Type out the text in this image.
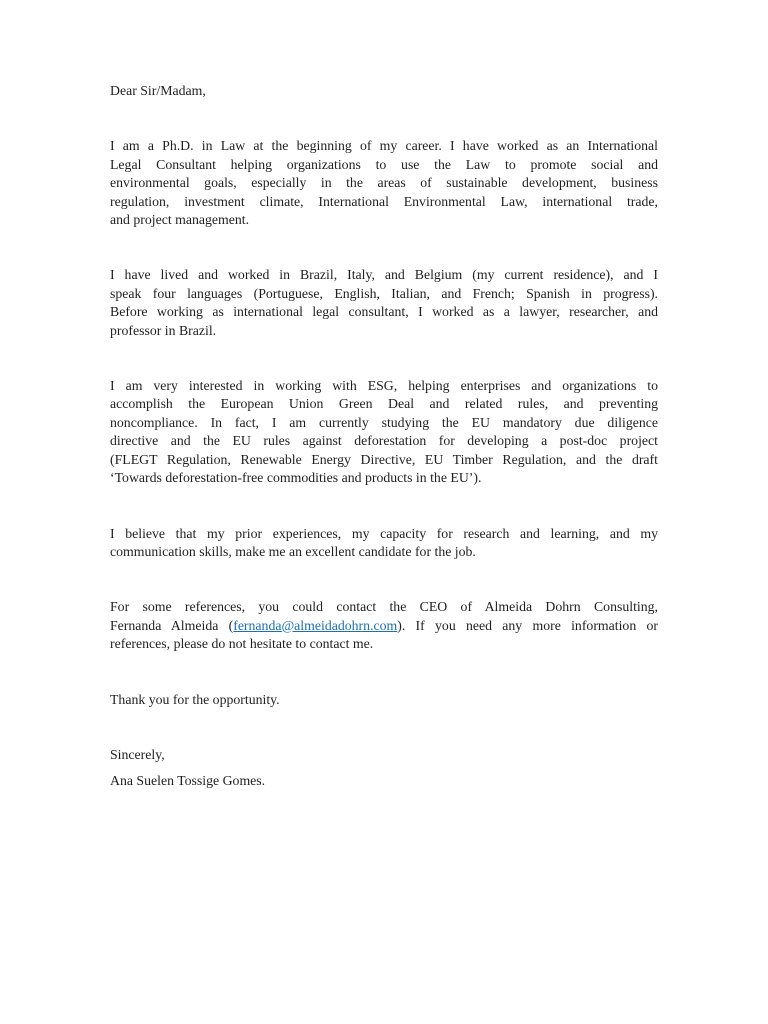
Dear Sir/Madam,
I am a Ph.D. in Law at the beginning of my career. I have worked as an International
Legal Consultant helping organizations to use the Law to promote social and
environmental goals, especially in the areas of sustainable development, business
regulation, investment climate, International Environmental Law, international trade,
and project management.
I have lived and worked in Brazil, Italy, and Belgium (my current residence), and I
speak four languages (Portuguese, English, Italian, and French; Spanish in progress).
Before working as international legal consultant, I worked as a lawyer, researcher, and
professor in Brazil.
I am very interested in working with ESG, helping enterprises and organizations to
accomplish the European Union Green Deal and related rules, and preventing
noncompliance. In fact, I am currently studying the EU mandatory due diligence
directive and the EU rules against deforestation for developing a post-doc project
(FLEGT Regulation, Renewable Energy Directive, EU Timber Regulation, and the draft
‘Towards deforestation-free commodities and products in the EU’).
I believe that my prior experiences, my capacity for research and learning, and my
communication skills, make me an excellent candidate for the job.
For some references, you could contact the CEO of Almeida Dohrn Consulting,
Fernanda Almeida (fernanda@almeidadohrn.com). If you need any more information or
references, please do not hesitate to contact me.
Thank you for the opportunity.
Sincerely,
Ana Suelen Tossige Gomes.
